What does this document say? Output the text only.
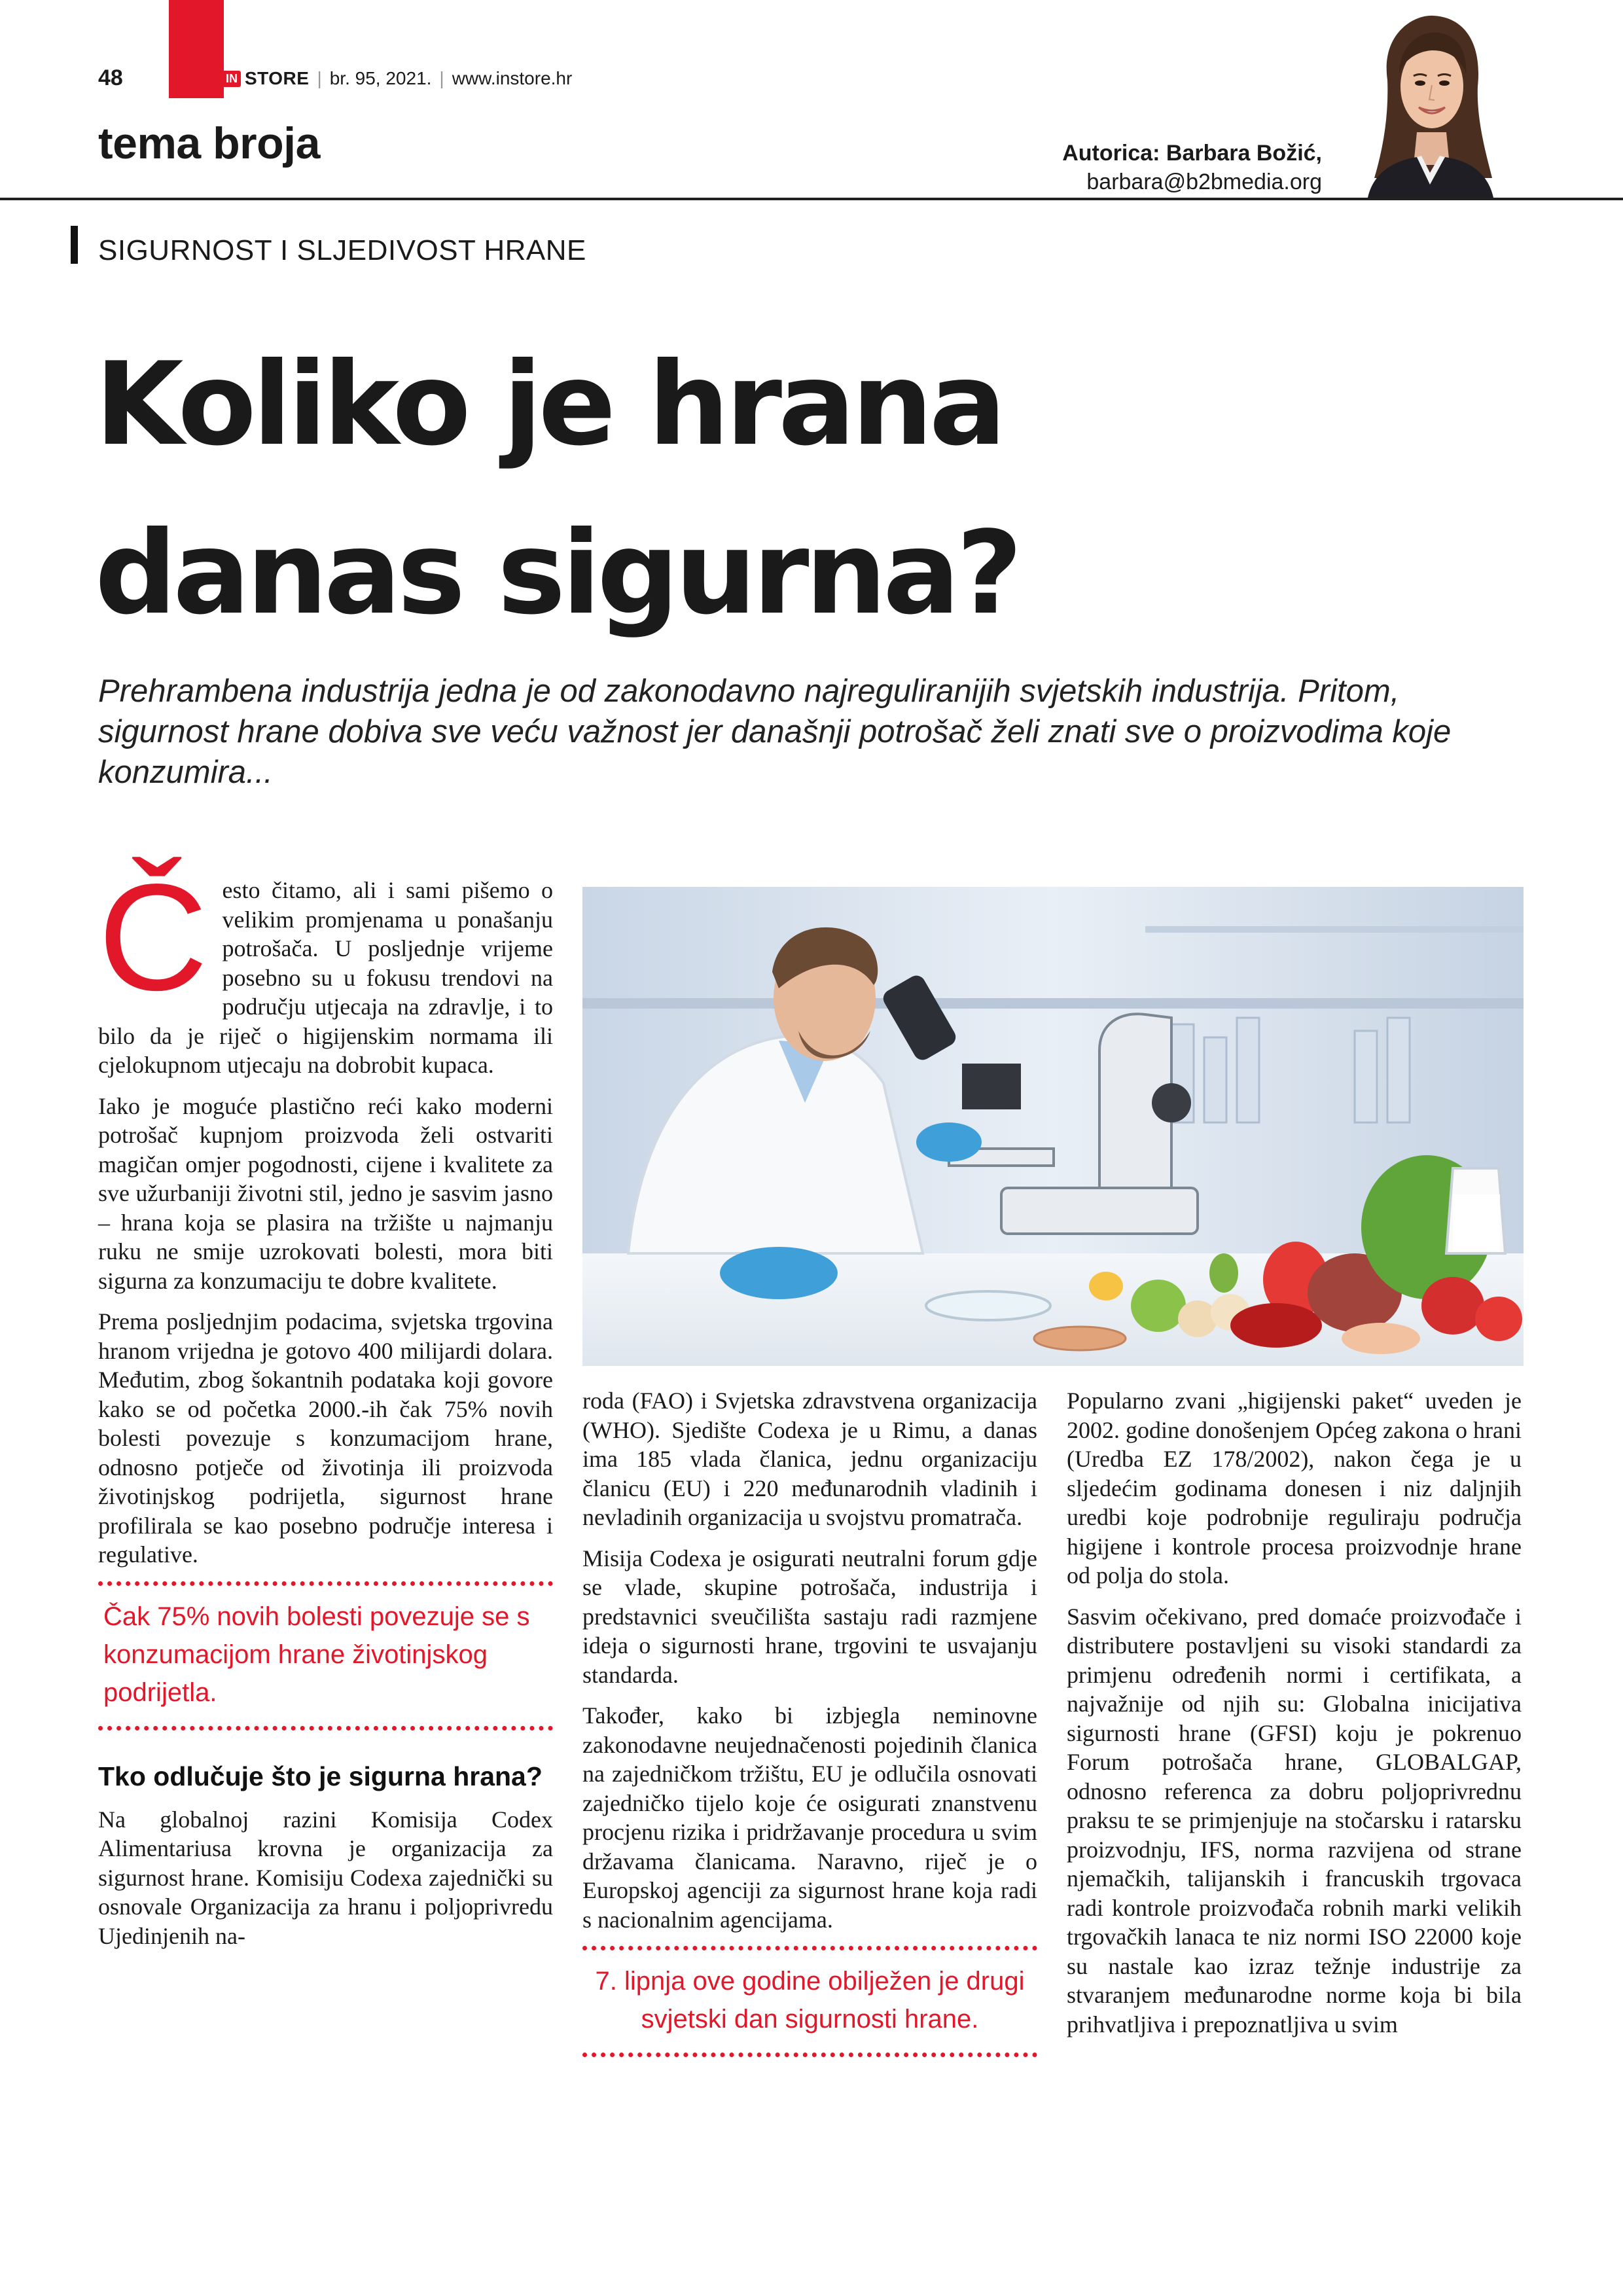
48	IN STORE | br. 95, 2021. | www.instore.hr
tema broja	Autorica: Barbara Božić,
barbara@b2bmedia.org
SIGURNOST I SLJEDIVOST HRANE
Koliko je hrana
danas sigurna?

Prehrambena industrija jedna je od zakonodavno najreguliranijih svjetskih industrija. Pritom, sigurnost hrane dobiva sve veću važnost jer današnji potrošač želi znati sve o proizvodima koje konzumira...

Često čitamo, ali i sami pišemo o velikim promjenama u ponašanju potrošača. U posljednje vrijeme posebno su u fokusu trendovi na području utjecaja na zdravlje, i to bilo da je riječ o higijenskim normama ili cjelokupnom utjecaju na dobrobit kupaca.

Iako je moguće plastično reći kako moderni potrošač kupnjom proizvoda želi ostvariti magičan omjer pogodnosti, cijene i kvalitete za sve užurbaniji životni stil, jedno je sasvim jasno – hrana koja se plasira na tržište u najmanju ruku ne smije uzrokovati bolesti, mora biti sigurna za konzumaciju te dobre kvalitete.

Prema posljednjim podacima, svjetska trgovina hranom vrijedna je gotovo 400 milijardi dolara. Međutim, zbog šokantnih podataka koji govore kako se od početka 2000.-ih čak 75% novih bolesti povezuje s konzumacijom hrane, odnosno potječe od životinja ili proizvoda životinjskog podrijetla, sigurnost hrane profilirala se kao posebno područje interesa i regulative.

Čak 75% novih bolesti povezuje se s konzumacijom hrane životinjskog podrijetla.
Tko odlučuje što je sigurna hrana?

Na globalnoj razini Komisija Codex Alimentariusa krovna je organizacija za sigurnost hrane. Komisiju Codexa zajednički su osnovale Organizacija za hranu i poljoprivredu Ujedinjenih na-

roda (FAO) i Svjetska zdravstvena organizacija (WHO). Sjedište Codexa je u Rimu, a danas ima 185 vlada članica, jednu organizaciju članicu (EU) i 220 međunarodnih vladinih i nevladinih organizacija u svojstvu promatrača.

Misija Codexa je osigurati neutralni forum gdje se vlade, skupine potrošača, industrija i predstavnici sveučilišta sastaju radi razmjene ideja o sigurnosti hrane, trgovini te usvajanju standarda.

Također, kako bi izbjegla neminovne zakonodavne neujednačenosti pojedinih članica na zajedničkom tržištu, EU je odlučila osnovati zajedničko tijelo koje će osigurati znanstvenu procjenu rizika i pridržavanje procedura u svim državama članicama. Naravno, riječ je o Europskoj agenciji za sigurnost hrane koja radi s nacionalnim agencijama.

7. lipnja ove godine obilježen je drugi svjetski dan sigurnosti hrane.

Popularno zvani „higijenski paket“ uveden je 2002. godine donošenjem Općeg zakona o hrani (Uredba EZ 178/2002), nakon čega je u sljedećim godinama donesen i niz daljnjih uredbi koje podrobnije reguliraju područja higijene i kontrole procesa proizvodnje hrane od polja do stola.

Sasvim očekivano, pred domaće proizvođače i distributere postavljeni su visoki standardi za primjenu određenih normi i certifikata, a najvažnije od njih su: Globalna inicijativa sigurnosti hrane (GFSI) koju je pokrenuo Forum potrošača hrane, GLOBALGAP, odnosno referenca za dobru poljoprivrednu praksu te se primjenjuje na stočarsku i ratarsku proizvodnju, IFS, norma razvijena od strane njemačkih, talijanskih i francuskih trgovaca radi kontrole proizvođača robnih marki velikih trgovačkih lanaca te niz normi ISO 22000 koje su nastale kao izraz težnje industrije za stvaranjem međunarodne norme koja bi bila prihvatljiva i prepoznatljiva u svim
